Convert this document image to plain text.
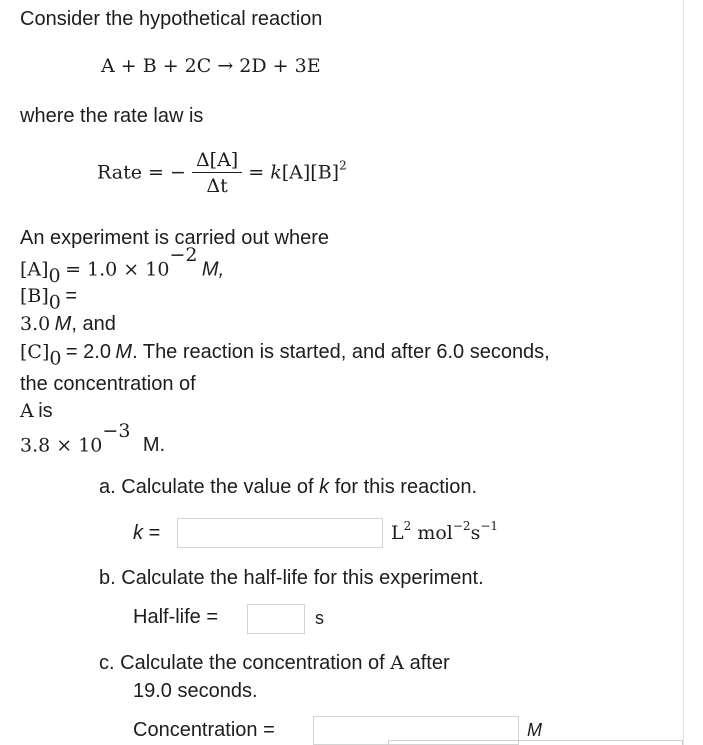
Consider the hypothetical reaction
A + B + 2C → 2D + 3E
where the rate law is
Rate = − $\frac{\Delta[A]}{\Delta t} = k[A][B]^2$
An experiment is carried out where
$[A]_0 = 1.0 \times 10^{-2}$ M,
$[B]_0$ =
3.0 M, and
$[C]_0 = 2.0$ M. The reaction is started, and after 6.0 seconds,
the concentration of
A is
$3.8 \times 10^{-3}$ M.
a. Calculate the value of k for this reaction.
k =	$L^2$ $mol^{-2}s^{-1}$
b. Calculate the half-life for this experiment.
Half-life =	s
c. Calculate the concentration of A after
19.0 seconds.
Concentration =	M
